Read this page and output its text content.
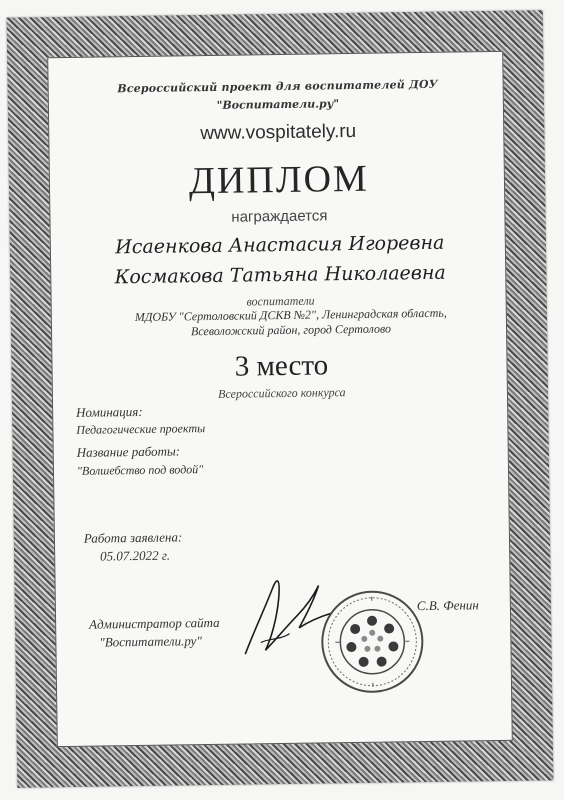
Всероссийский проект для воспитателей ДОУ
"Воспитатели.ру"
www.vospitately.ru
ДИПЛОМ
награждается
Исаенкова Анастасия Игоревна
Космакова Татьяна Николаевна
воспитатели
МДОБУ "Сертоловский ДСКВ №2", Ленинградская область,
Всеволожский район, город Сертолово
3 место
Всероссийского конкурса
Номинация:
Педагогические проекты
Название работы:
"Волшебство под водой"
Работа заявлена:
05.07.2022 г.
Администратор сайта
"Воспитатели.ру"
С.В. Фенин
